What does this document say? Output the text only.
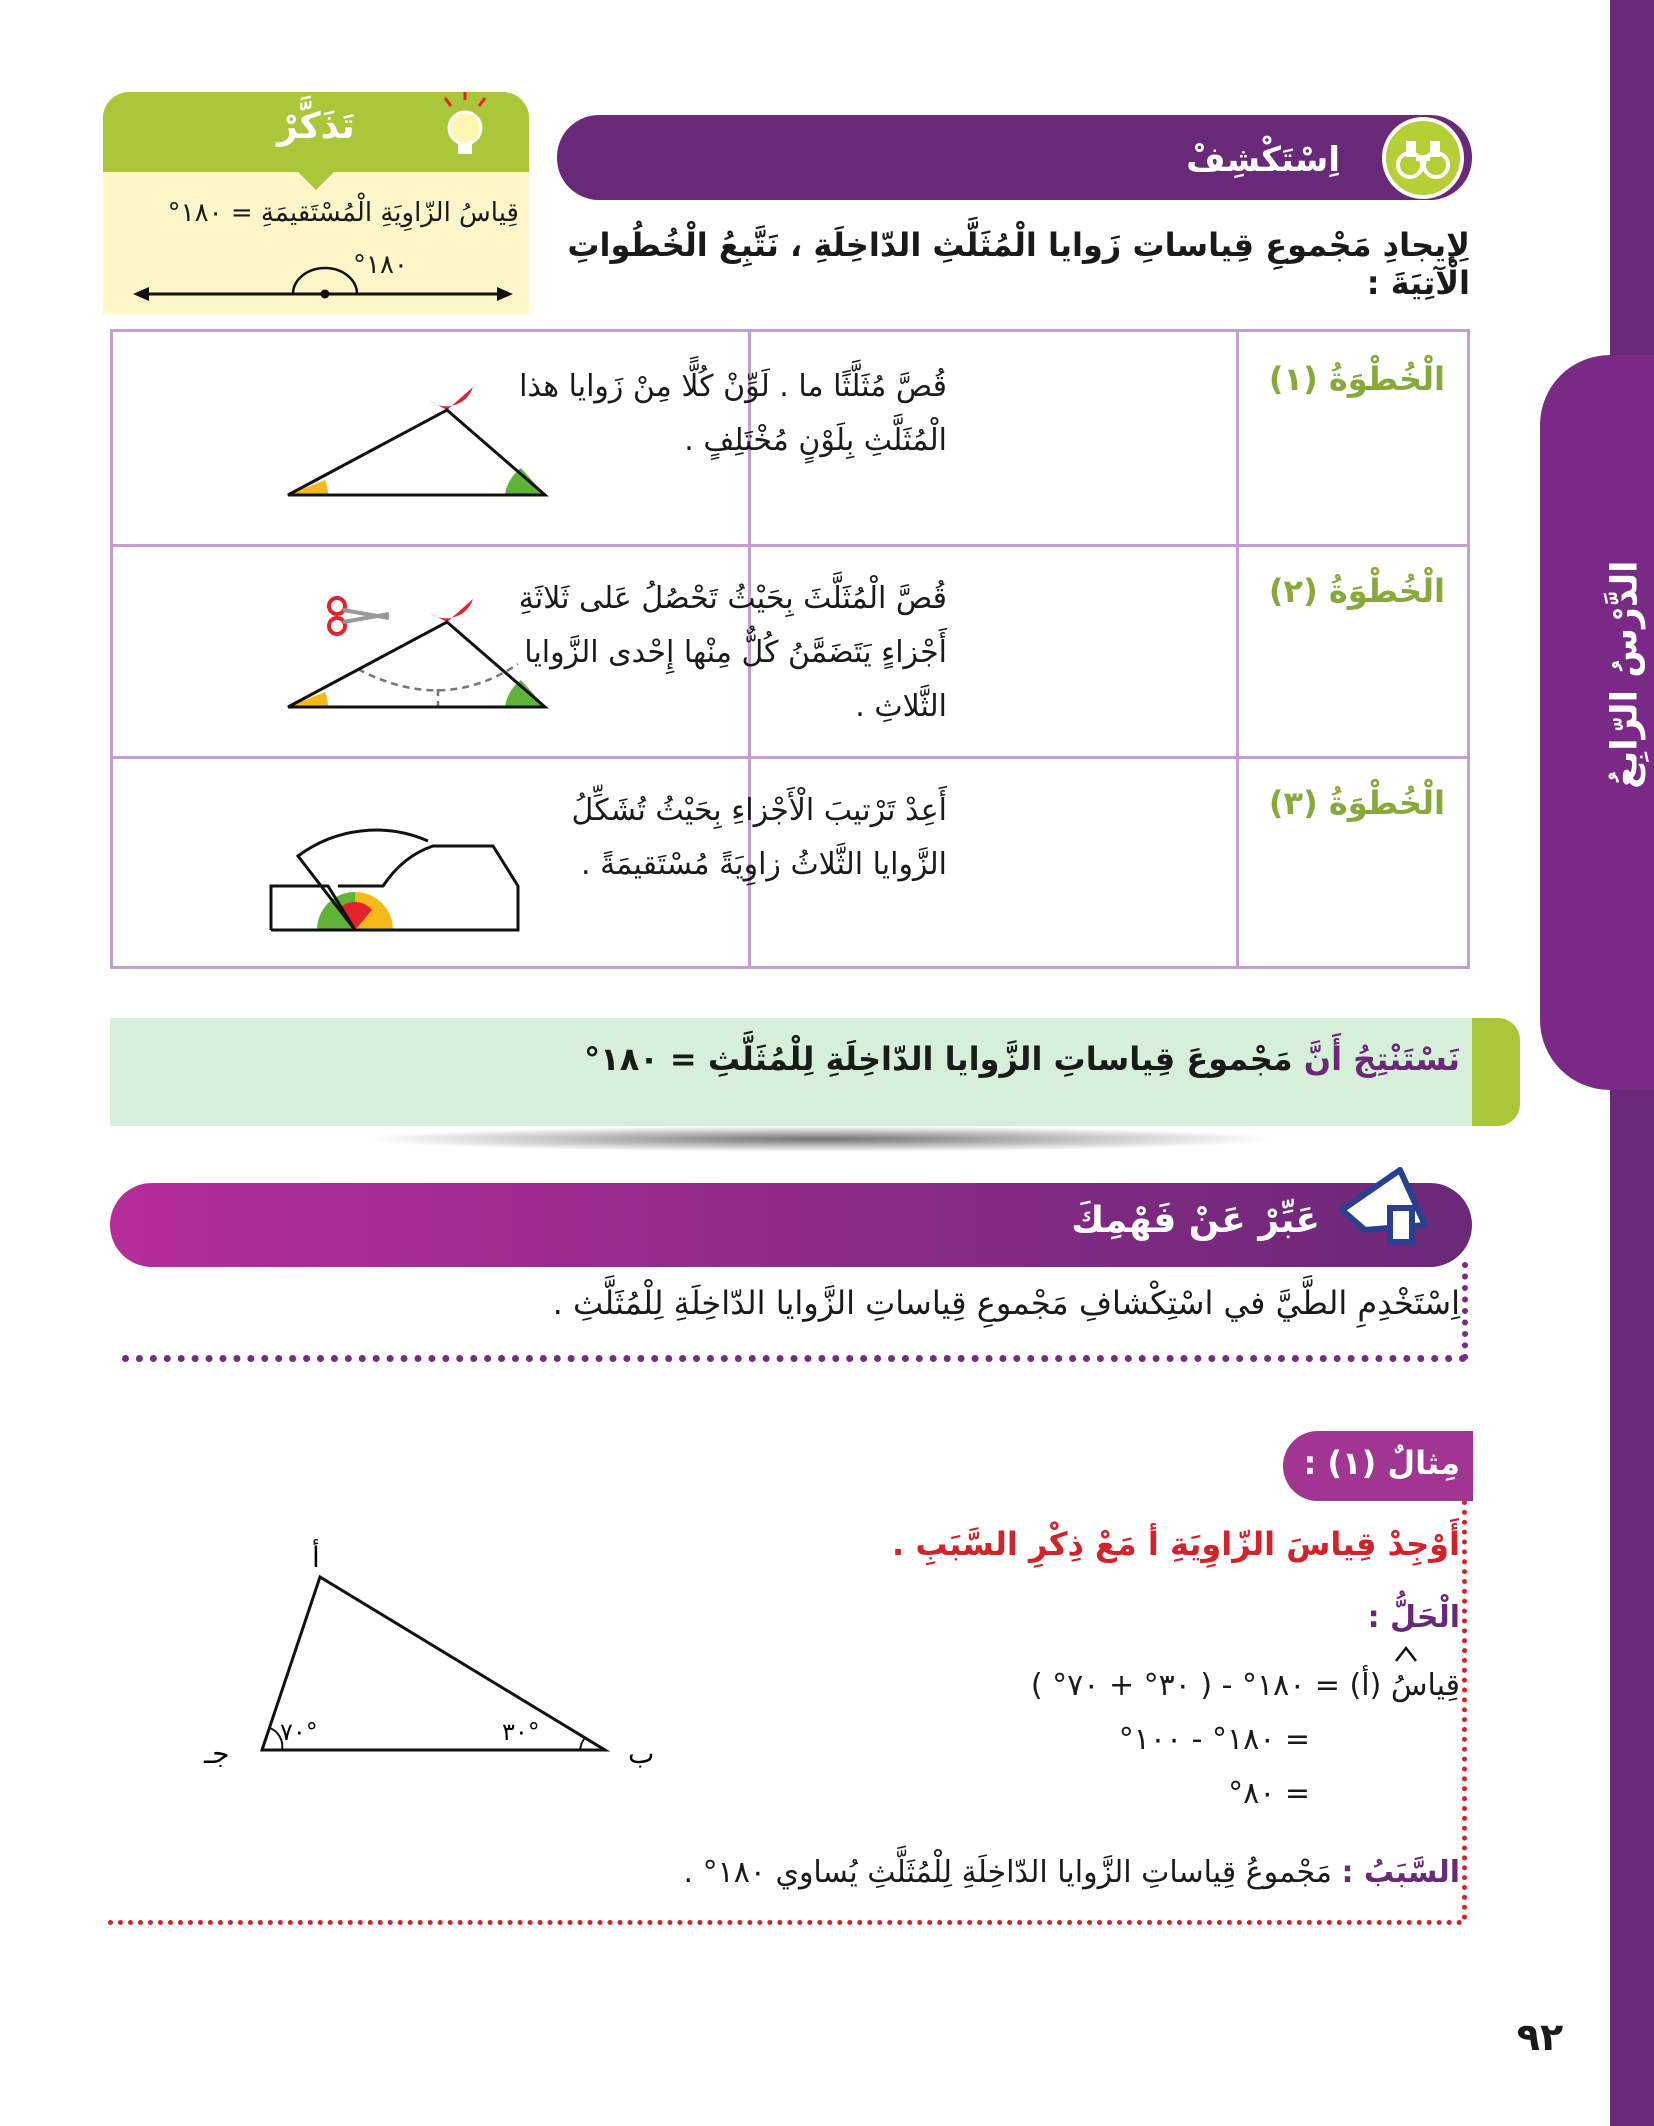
الدَّرْسُ الرّابِعُ
اِسْتَكْشِفْ
تَذَكَّرْ
قِياسُ الزّاوِيَةِ الْمُسْتَقيمَةِ = ١٨٠°
١٨٠°
لِإيجادِ مَجْموعِ قِياساتِ زَوايا الْمُثَلَّثِ الدّاخِلَةِ ، نَتَّبِعُ الْخُطُواتِ الْآتِيَةَ :
الْخُطْوَةُ (١)
قُصَّ مُثَلَّثًا ما . لَوِّنْ كُلًّا مِنْ زَوايا هذا الْمُثَلَّثِ بِلَوْنٍ مُخْتَلِفٍ .
الْخُطْوَةُ (٢)
قُصَّ الْمُثَلَّثَ بِحَيْثُ تَحْصُلُ عَلى ثَلاثَةِ أَجْزاءٍ يَتَضَمَّنُ كُلٌّ مِنْها إِحْدى الزَّوايا الثَّلاثِ .
الْخُطْوَةُ (٣)
أَعِدْ تَرْتيبَ الْأَجْزاءِ بِحَيْثُ تُشَكِّلُ الزَّوايا الثَّلاثُ زاوِيَةً مُسْتَقيمَةً .
نَسْتَنْتِجُ أَنَّ مَجْموعَ قِياساتِ الزَّوايا الدّاخِلَةِ لِلْمُثَلَّثِ = ١٨٠°
عَبِّرْ عَنْ فَهْمِكَ
اِسْتَخْدِمِ الطَّيَّ في اسْتِكْشافِ مَجْموعِ قِياساتِ الزَّوايا الدّاخِلَةِ لِلْمُثَلَّثِ .
مِثالٌ (١) :
أَوْجِدْ قِياسَ الزّاوِيَةِ أ مَعْ ذِكْرِ السَّبَبِ .
الْحَلُّ :
قِياسُ (أ) = ١٨٠° - ( ٣٠° + ٧٠° )
= ١٨٠° - ١٠٠°
= ٨٠°
السَّبَبُ : مَجْموعُ قِياساتِ الزَّوايا الدّاخِلَةِ لِلْمُثَلَّثِ يُساوي ١٨٠° .
أ
ب
جـ
٧٠°	٣٠°
٩٢
